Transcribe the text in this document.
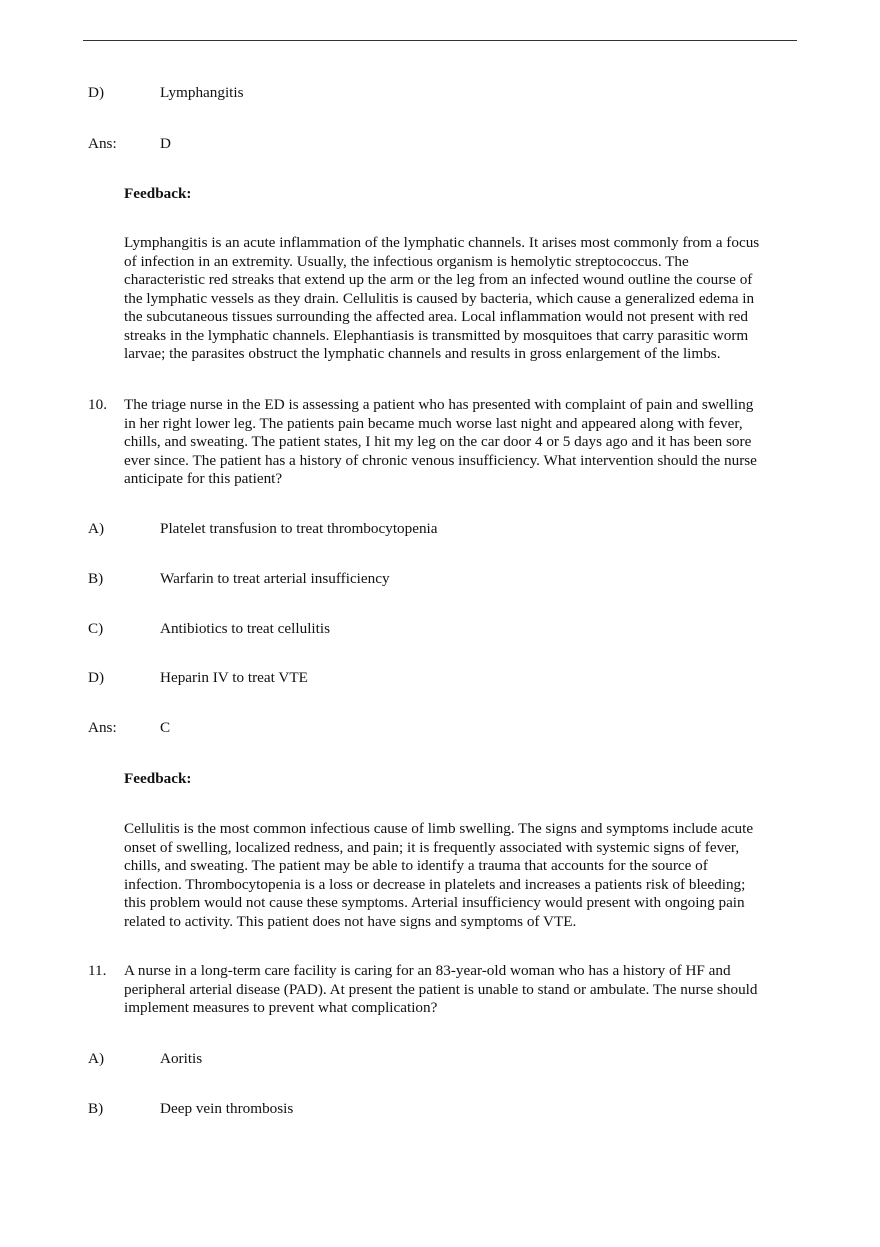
D)	Lymphangitis
Ans:	D
Feedback:
Lymphangitis is an acute inflammation of the lymphatic channels. It arises most commonly from a focus
of infection in an extremity. Usually, the infectious organism is hemolytic streptococcus. The
characteristic red streaks that extend up the arm or the leg from an infected wound outline the course of
the lymphatic vessels as they drain. Cellulitis is caused by bacteria, which cause a generalized edema in
the subcutaneous tissues surrounding the affected area. Local inflammation would not present with red
streaks in the lymphatic channels. Elephantiasis is transmitted by mosquitoes that carry parasitic worm
larvae; the parasites obstruct the lymphatic channels and results in gross enlargement of the limbs.
10. The triage nurse in the ED is assessing a patient who has presented with complaint of pain and swelling
in her right lower leg. The patients pain became much worse last night and appeared along with fever,
chills, and sweating. The patient states, I hit my leg on the car door 4 or 5 days ago and it has been sore
ever since. The patient has a history of chronic venous insufficiency. What intervention should the nurse
anticipate for this patient?
A)	Platelet transfusion to treat thrombocytopenia
B)	Warfarin to treat arterial insufficiency
C)	Antibiotics to treat cellulitis
D)	Heparin IV to treat VTE
Ans:	C
Feedback:
Cellulitis is the most common infectious cause of limb swelling. The signs and symptoms include acute
onset of swelling, localized redness, and pain; it is frequently associated with systemic signs of fever,
chills, and sweating. The patient may be able to identify a trauma that accounts for the source of
infection. Thrombocytopenia is a loss or decrease in platelets and increases a patients risk of bleeding;
this problem would not cause these symptoms. Arterial insufficiency would present with ongoing pain
related to activity. This patient does not have signs and symptoms of VTE.
11. A nurse in a long-term care facility is caring for an 83-year-old woman who has a history of HF and
peripheral arterial disease (PAD). At present the patient is unable to stand or ambulate. The nurse should
implement measures to prevent what complication?
A)	Aoritis
B)	Deep vein thrombosis
